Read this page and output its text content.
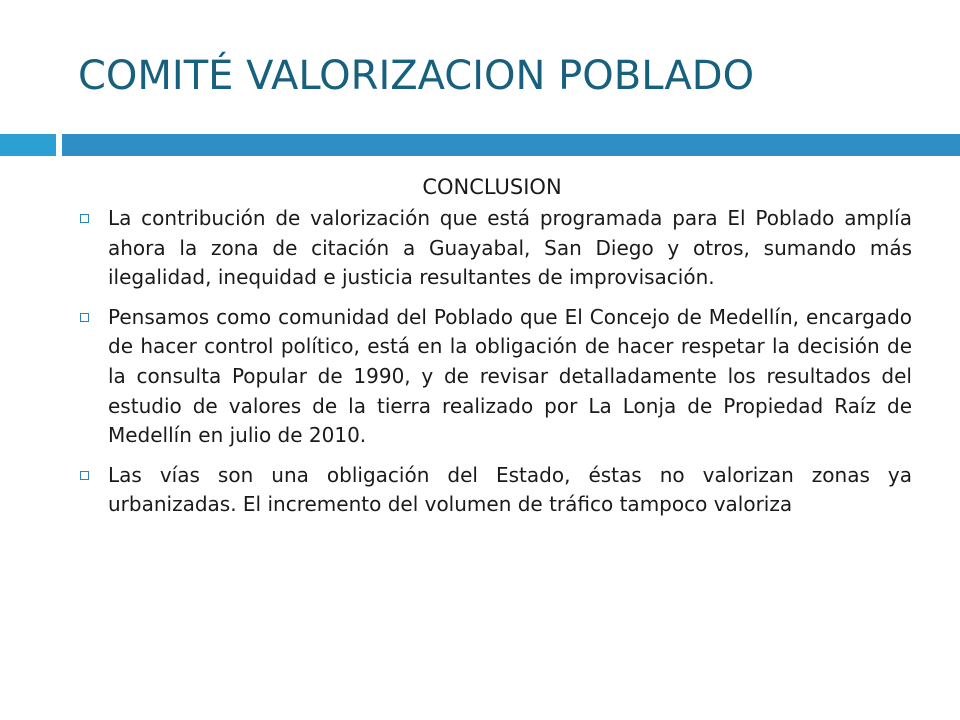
COMITÉ VALORIZACION POBLADO
CONCLUSION
La contribución de valorización que está programada para El Poblado amplía ahora la zona de citación a Guayabal, San Diego y otros, sumando más ilegalidad, inequidad e justicia resultantes de improvisación.
Pensamos como comunidad del Poblado que El Concejo de Medellín, encargado de hacer control político, está en la obligación de hacer respetar la decisión de la consulta Popular de 1990, y de revisar detalladamente los resultados del estudio de valores de la tierra realizado por La Lonja de Propiedad Raíz de Medellín en julio de 2010.
Las vías son una obligación del Estado, éstas no valorizan zonas ya urbanizadas. El incremento del volumen de tráfico tampoco valoriza
